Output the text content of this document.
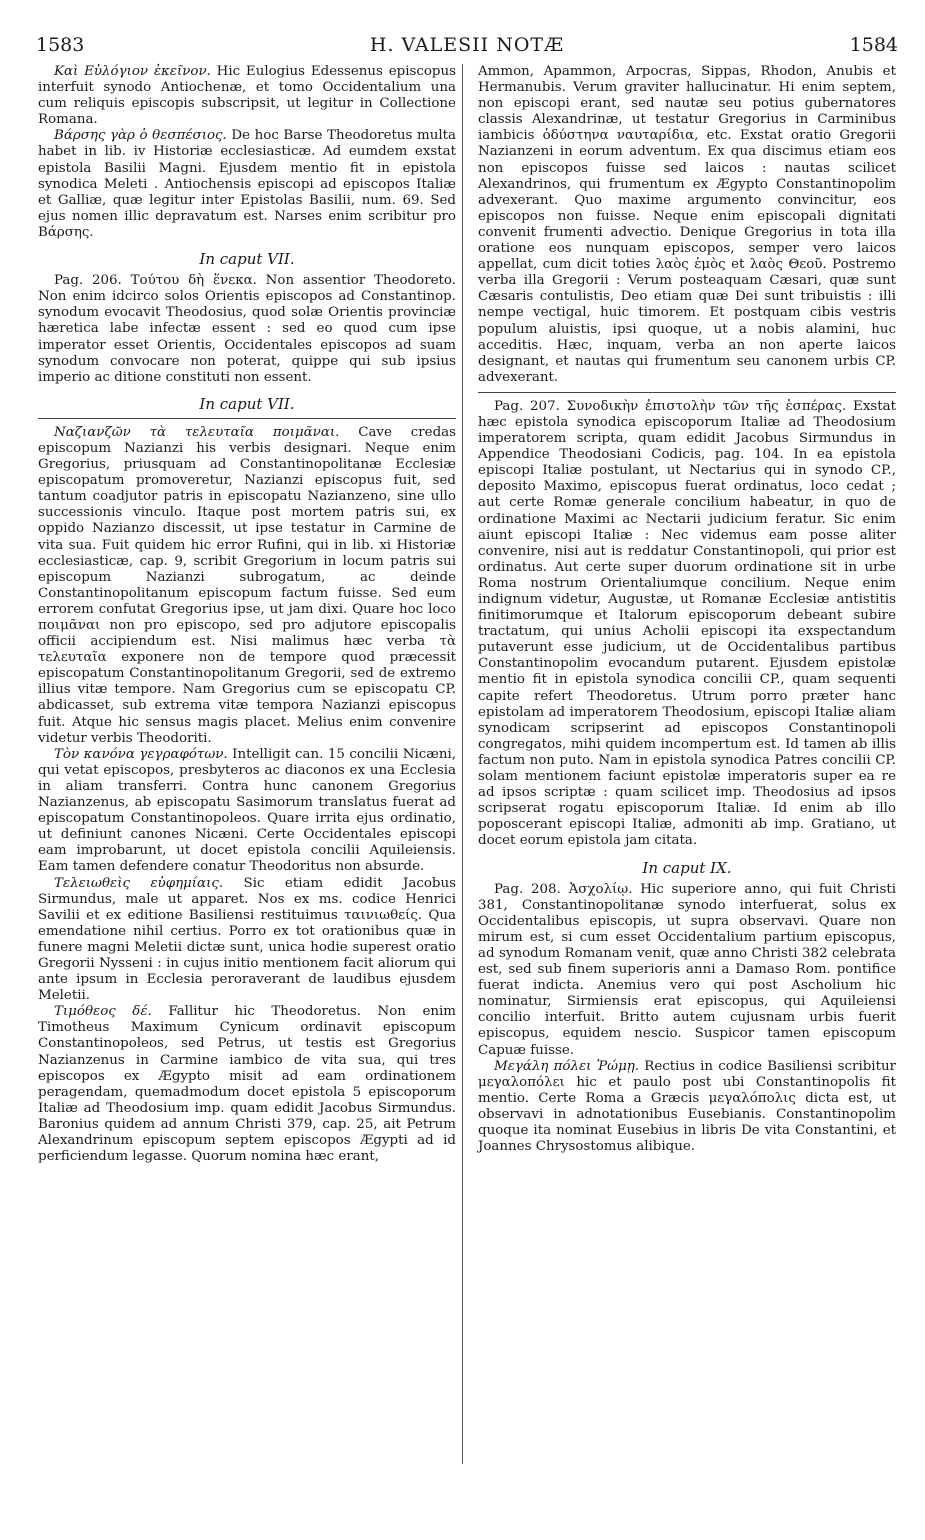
1583	H. VALESII NOTÆ	1584

Καὶ Εὐλόγιον ἐκεῖνον. Hic Eulogius Edessenus episcopus interfuit synodo Antiochenæ, et tomo Occidentalium una cum reliquis episcopis subscripsit, ut legitur in Collectione Romana.

Βάρσης γὰρ ὁ θεσπέσιος. De hoc Barse Theodoretus multa habet in lib. iv Historiæ ecclesiasticæ. Ad eumdem exstat epistola Basilii Magni. Ejusdem mentio fit in epistola synodica Meleti . Antiochensis episcopi ad episcopos Italiæ et Galliæ, quæ legitur inter Epistolas Basilii, num. 69. Sed ejus nomen illic depravatum est. Narses enim scribitur pro Βάρσης.

In caput VII.

Pag. 206. Τούτου δὴ ἕνεκα. Non assentior Theodoreto. Non enim idcirco solos Orientis episcopos ad Constantinop. synodum evocavit Theodosius, quod solæ Orientis provinciæ hæretica labe infectæ essent : sed eo quod cum ipse imperator esset Orientis, Occidentales episcopos ad suam synodum convocare non poterat, quippe qui sub ipsius imperio ac ditione constituti non essent.

In caput VII.

Ναζιανζῶν τὰ τελευταῖα ποιμᾶναι. Cave credas episcopum Nazianzi his verbis designari. Neque enim Gregorius, priusquam ad Constantinopolitanæ Ecclesiæ episcopatum promoveretur, Nazianzi episcopus fuit, sed tantum coadjutor patris in episcopatu Nazianzeno, sine ullo successionis vinculo. Itaque post mortem patris sui, ex oppido Nazianzo discessit, ut ipse testatur in Carmine de vita sua. Fuit quidem hic error Rufini, qui in lib. xi Historiæ ecclesiasticæ, cap. 9, scribit Gregorium in locum patris sui episcopum Nazianzi subrogatum, ac deinde Constantinopolitanum episcopum factum fuisse. Sed eum errorem confutat Gregorius ipse, ut jam dixi. Quare hoc loco ποιμᾶναι non pro episcopo, sed pro adjutore episcopalis officii accipiendum est. Nisi malimus hæc verba τὰ τελευταῖα exponere non de tempore quod præcessit episcopatum Constantinopolitanum Gregorii, sed de extremo illius vitæ tempore. Nam Gregorius cum se episcopatu CP. abdicasset, sub extrema vitæ tempora Nazianzi episcopus fuit. Atque hic sensus magis placet. Melius enim convenire videtur verbis Theodoriti.

Τὸν κανόνα γεγραφότων. Intelligit can. 15 concilii Nicæni, qui vetat episcopos, presbyteros ac diaconos ex una Ecclesia in aliam transferri. Contra hunc canonem Gregorius Nazianzenus, ab episcopatu Sasimorum translatus fuerat ad episcopatum Constantinopoleos. Quare irrita ejus ordinatio, ut definiunt canones Nicæni. Certe Occidentales episcopi eam improbarunt, ut docet epistola concilii Aquileiensis. Eam tamen defendere conatur Theodoritus non absurde.

Τελειωθεὶς εὐφημίαις. Sic etiam edidit Jacobus Sirmundus, male ut apparet. Nos ex ms. codice Henrici Savilii et ex editione Basiliensi restituimus ταινιωθείς. Qua emendatione nihil certius. Porro ex tot orationibus quæ in funere magni Meletii dictæ sunt, unica hodie superest oratio Gregorii Nysseni : in cujus initio mentionem facit aliorum qui ante ipsum in Ecclesia peroraverant de laudibus ejusdem Meletii.

Τιμόθεος δέ. Fallitur hic Theodoretus. Non enim Timotheus Maximum Cynicum ordinavit episcopum Constantinopoleos, sed Petrus, ut testis est Gregorius Nazianzenus in Carmine iambico de vita sua, qui tres episcopos ex Ægypto misit ad eam ordinationem peragendam, quemadmodum docet epistola 5 episcoporum Italiæ ad Theodosium imp. quam edidit Jacobus Sirmundus. Baronius quidem ad annum Christi 379, cap. 25, ait Petrum Alexandrinum episcopum septem episcopos Ægypti ad id perficiendum legasse. Quorum nomina hæc erant,

Ammon, Apammon, Arpocras, Sippas, Rhodon, Anubis et Hermanubis. Verum graviter hallucinatur. Hi enim septem, non episcopi erant, sed nautæ seu potius gubernatores classis Alexandrinæ, ut testatur Gregorius in Carminibus iambicis ὀδύστηνα ναυταρίδια, etc. Exstat oratio Gregorii Nazianzeni in eorum adventum. Ex qua discimus etiam eos non episcopos fuisse sed laicos : nautas scilicet Alexandrinos, qui frumentum ex Ægypto Constantinopolim advexerant. Quo maxime argumento convincitur, eos episcopos non fuisse. Neque enim episcopali dignitati convenit frumenti advectio. Denique Gregorius in tota illa oratione eos nunquam episcopos, semper vero laicos appellat, cum dicit toties λαὸς ἐμὸς et λαὸς Θεοῦ. Postremo verba illa Gregorii : Verum posteaquam Cæsari, quæ sunt Cæsaris contulistis, Deo etiam quæ Dei sunt tribuistis : illi nempe vectigal, huic timorem. Et postquam cibis vestris populum aluistis, ipsi quoque, ut a nobis alamini, huc acceditis. Hæc, inquam, verba an non aperte laicos designant, et nautas qui frumentum seu canonem urbis CP. advexerant.

Pag. 207. Συνοδικὴν ἐπιστολὴν τῶν τῆς ἑσπέρας. Exstat hæc epistola synodica episcoporum Italiæ ad Theodosium imperatorem scripta, quam edidit Jacobus Sirmundus in Appendice Theodosiani Codicis, pag. 104. In ea epistola episcopi Italiæ postulant, ut Nectarius qui in synodo CP., deposito Maximo, episcopus fuerat ordinatus, loco cedat ; aut certe Romæ generale concilium habeatur, in quo de ordinatione Maximi ac Nectarii judicium feratur. Sic enim aiunt episcopi Italiæ : Nec videmus eam posse aliter convenire, nisi aut is reddatur Constantinopoli, qui prior est ordinatus. Aut certe super duorum ordinatione sit in urbe Roma nostrum Orientaliumque concilium. Neque enim indignum videtur, Augustæ, ut Romanæ Ecclesiæ antistitis finitimorumque et Italorum episcoporum debeant subire tractatum, qui unius Acholii episcopi ita exspectandum putaverunt esse judicium, ut de Occidentalibus partibus Constantinopolim evocandum putarent. Ejusdem epistolæ mentio fit in epistola synodica concilii CP., quam sequenti capite refert Theodoretus. Utrum porro præter hanc epistolam ad imperatorem Theodosium, episcopi Italiæ aliam synodicam scripserint ad episcopos Constantinopoli congregatos, mihi quidem incompertum est. Id tamen ab illis factum non puto. Nam in epistola synodica Patres concilii CP. solam mentionem faciunt epistolæ imperatoris super ea re ad ipsos scriptæ : quam scilicet imp. Theodosius ad ipsos scripserat rogatu episcoporum Italiæ. Id enim ab illo poposcerant episcopi Italiæ, admoniti ab imp. Gratiano, ut docet eorum epistola jam citata.

In caput IX.

Pag. 208. Ἀσχολίῳ. Hic superiore anno, qui fuit Christi 381, Constantinopolitanæ synodo interfuerat, solus ex Occidentalibus episcopis, ut supra observavi. Quare non mirum est, si cum esset Occidentalium partium episcopus, ad synodum Romanam venit, quæ anno Christi 382 celebrata est, sed sub finem superioris anni a Damaso Rom. pontifice fuerat indicta. Anemius vero qui post Ascholium hic nominatur, Sirmiensis erat episcopus, qui Aquileiensi concilio interfuit. Britto autem cujusnam urbis fuerit episcopus, equidem nescio. Suspicor tamen episcopum Capuæ fuisse.

Μεγάλη πόλει Ῥώμῃ. Rectius in codice Basiliensi scribitur μεγαλοπόλει hic et paulo post ubi Constantinopolis fit mentio. Certe Roma a Græcis μεγαλόπολις dicta est, ut observavi in adnotationibus Eusebianis. Constantinopolim quoque ita nominat Eusebius in libris De vita Constantini, et Joannes Chrysostomus alibique.
